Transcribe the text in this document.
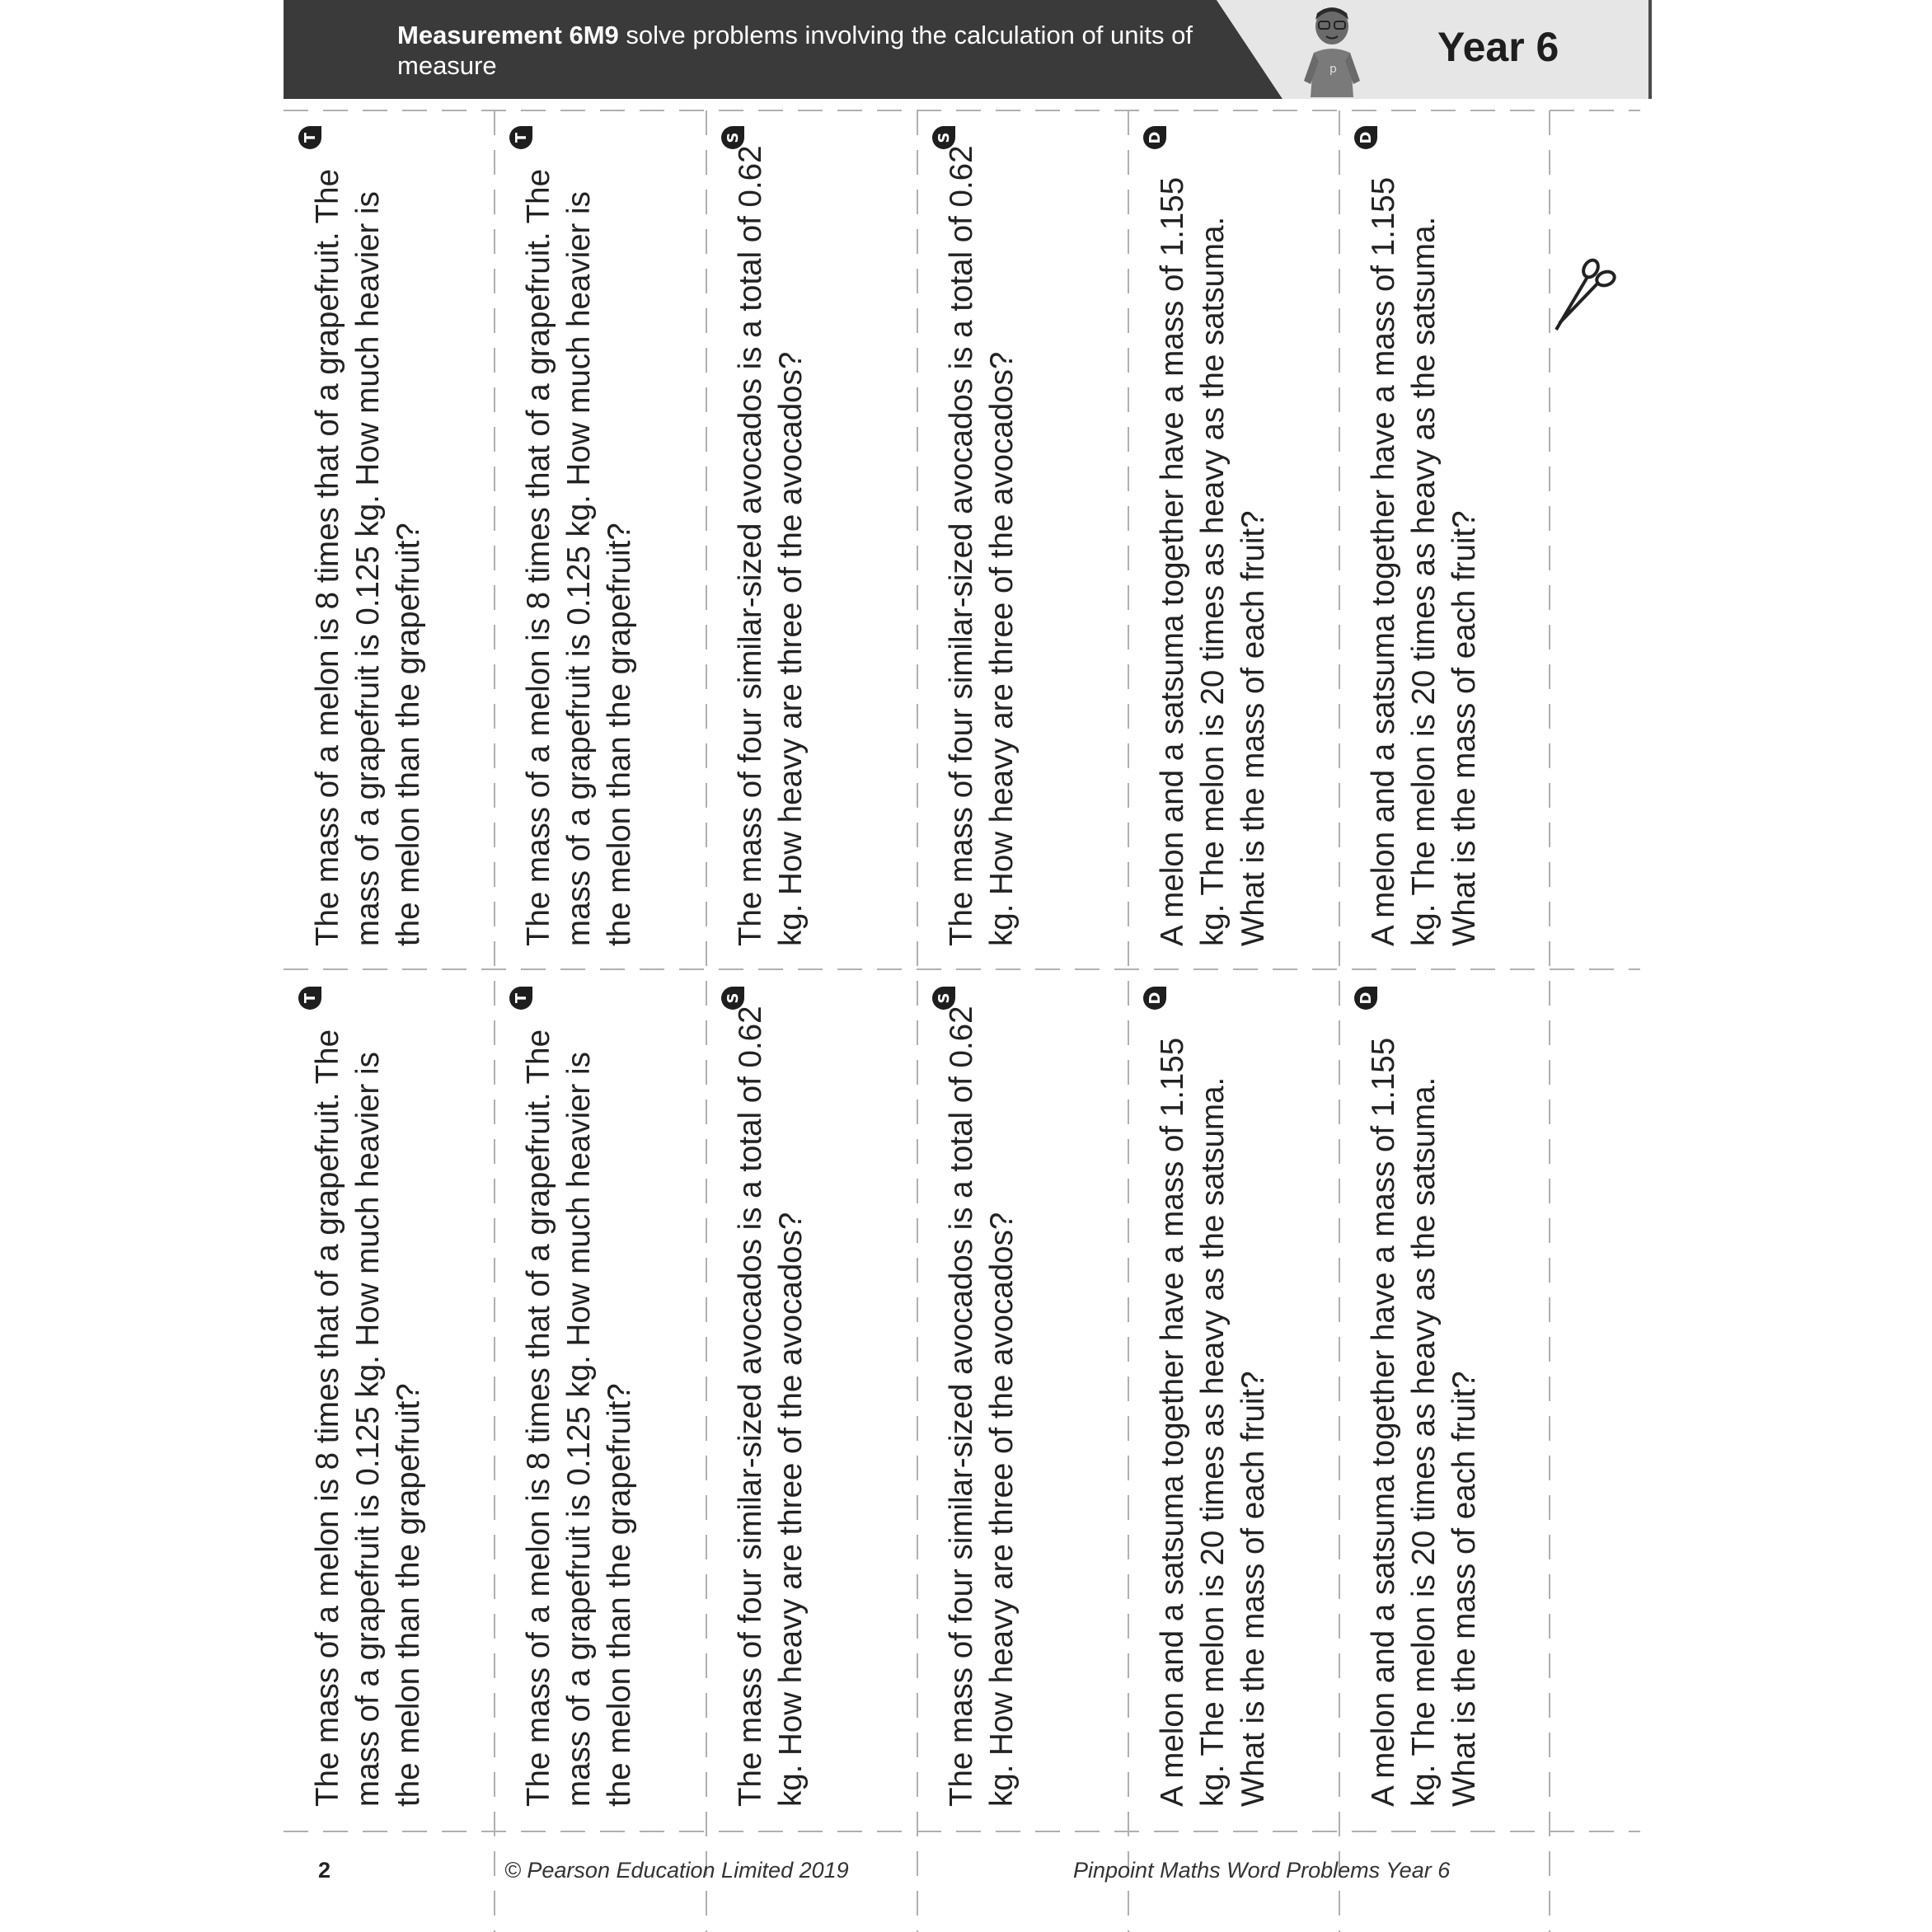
Measurement 6M9 solve problems involving the calculation of units of measure	p Year 6
T
The mass of a melon is 8 times that of a grapefruit. The mass of a grapefruit is 0.125 kg. How much heavier is the melon than the grapefruit?
T
The mass of a melon is 8 times that of a grapefruit. The mass of a grapefruit is 0.125 kg. How much heavier is the melon than the grapefruit?
S
The mass of four similar-sized avocados is a total of 0.62 kg. How heavy are three of the avocados?
S
The mass of four similar-sized avocados is a total of 0.62 kg. How heavy are three of the avocados?
D
A melon and a satsuma together have a mass of 1.155 kg. The melon is 20 times as heavy as the satsuma. What is the mass of each fruit?
D
A melon and a satsuma together have a mass of 1.155 kg. The melon is 20 times as heavy as the satsuma. What is the mass of each fruit?
T
The mass of a melon is 8 times that of a grapefruit. The mass of a grapefruit is 0.125 kg. How much heavier is the melon than the grapefruit?
T
The mass of a melon is 8 times that of a grapefruit. The mass of a grapefruit is 0.125 kg. How much heavier is the melon than the grapefruit?
S
The mass of four similar-sized avocados is a total of 0.62 kg. How heavy are three of the avocados?
S
The mass of four similar-sized avocados is a total of 0.62 kg. How heavy are three of the avocados?
D
A melon and a satsuma together have a mass of 1.155 kg. The melon is 20 times as heavy as the satsuma. What is the mass of each fruit?
D
A melon and a satsuma together have a mass of 1.155 kg. The melon is 20 times as heavy as the satsuma. What is the mass of each fruit?
2	© Pearson Education Limited 2019	Pinpoint Maths Word Problems Year 6
